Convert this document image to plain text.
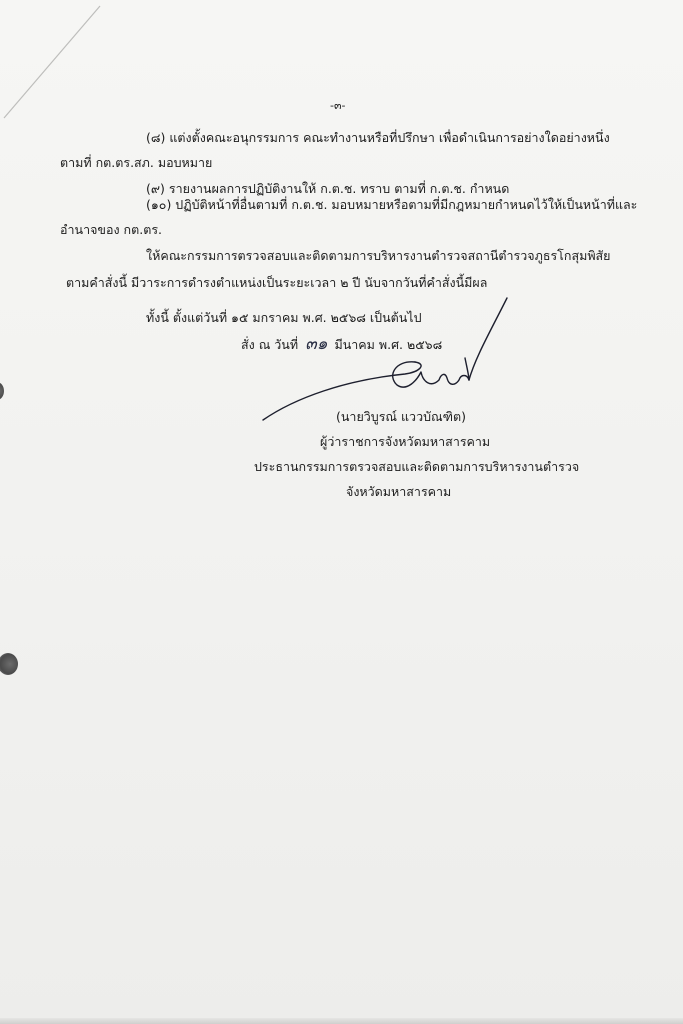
-๓-
(๘) แต่งตั้งคณะอนุกรรมการ คณะทำงานหรือที่ปรึกษา เพื่อดำเนินการอย่างใดอย่างหนึ่ง
ตามที่ กต.ตร.สภ. มอบหมาย
(๙) รายงานผลการปฏิบัติงานให้ ก.ต.ช. ทราบ ตามที่ ก.ต.ช. กำหนด
(๑๐) ปฏิบัติหน้าที่อื่นตามที่ ก.ต.ช. มอบหมายหรือตามที่มีกฎหมายกำหนดไว้ให้เป็นหน้าที่และ
อำนาจของ กต.ตร.
ให้คณะกรรมการตรวจสอบและติดตามการบริหารงานตำรวจสถานีตำรวจภูธรโกสุมพิสัย
ตามคำสั่งนี้ มีวาระการดำรงตำแหน่งเป็นระยะเวลา ๒ ปี นับจากวันที่คำสั่งนี้มีผล
ทั้งนี้ ตั้งแต่วันที่ ๑๕ มกราคม พ.ศ. ๒๕๖๘ เป็นต้นไป
สั่ง ณ วันที่ ๓๑ มีนาคม พ.ศ. ๒๕๖๘
(นายวิบูรณ์ แววบัณฑิต)
ผู้ว่าราชการจังหวัดมหาสารคาม
ประธานกรรมการตรวจสอบและติดตามการบริหารงานตำรวจ
จังหวัดมหาสารคาม
